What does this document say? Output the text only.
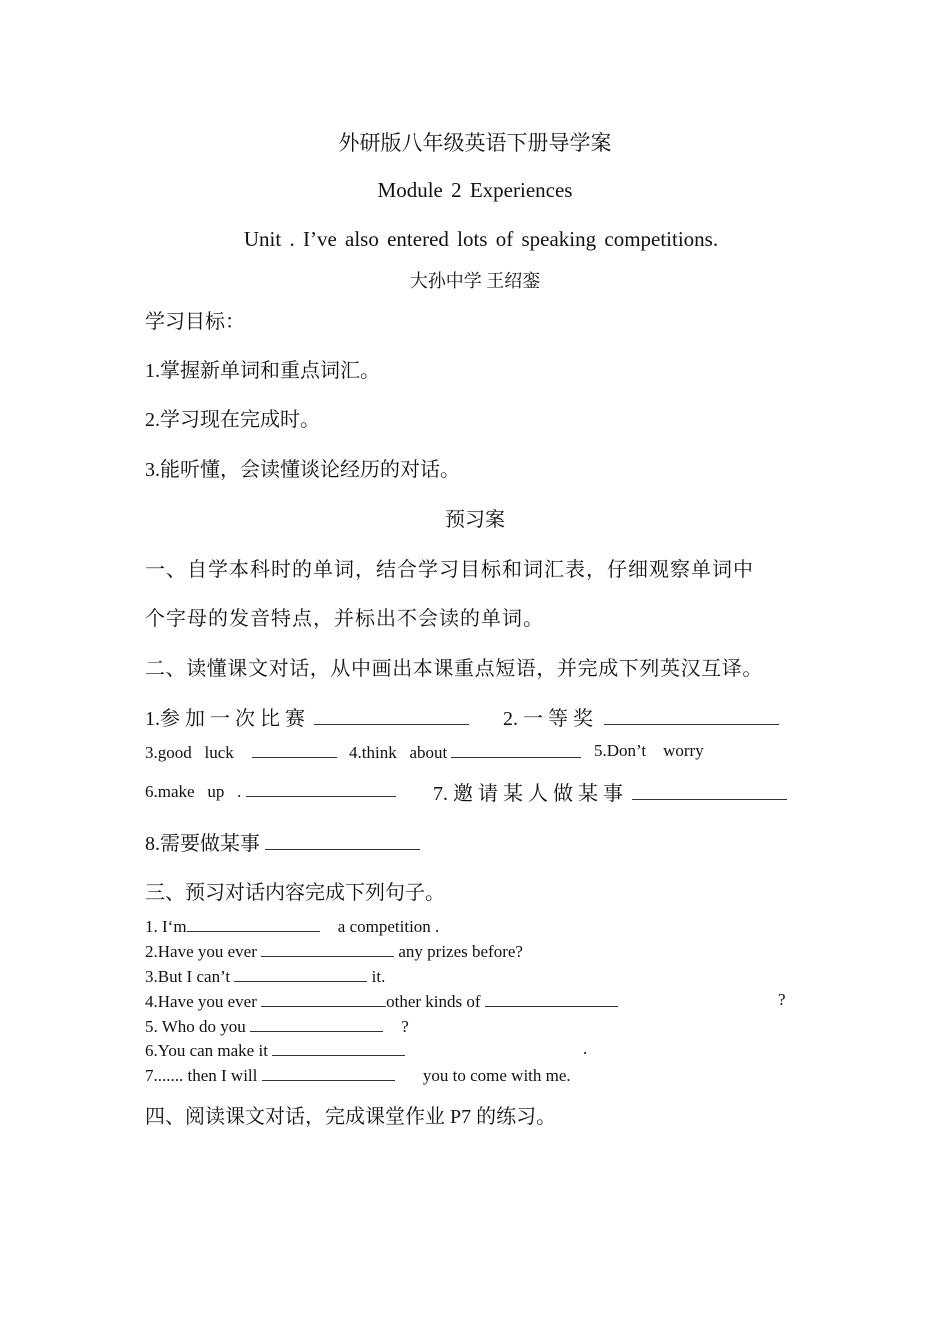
外研版八年级英语下册导学案
Module 2 Experiences
Unit . I’ve also entered lots of speaking competitions.
大孙中学 王绍銮
学习目标：
1.掌握新单词和重点词汇。
2.学习现在完成时。
3.能听懂，会读懂谈论经历的对话。
预习案
一、自学本科时的单词，结合学习目标和词汇表，仔细观察单词中
个字母的发音特点，并标出不会读的单词。
二、读懂课文对话，从中画出本课重点短语，并完成下列英汉互译。
1.参 加 一 次 比 赛	2. 一 等 奖
3.good   luck	4.think   about	5.Don’t    worry
6.make   up   .	7. 邀 请 某 人 做 某 事
8.需要做某事
三、预习对话内容完成下列句子。
1. I‘m	a competition .
2.Have you ever	any prizes before?
3.But I can’t	it.
4.Have you ever	other kinds of	?
5. Who do you	?
6.You can make it	.
7....... then I will	you to come with me.
四、阅读课文对话，完成课堂作业 P7 的练习。
